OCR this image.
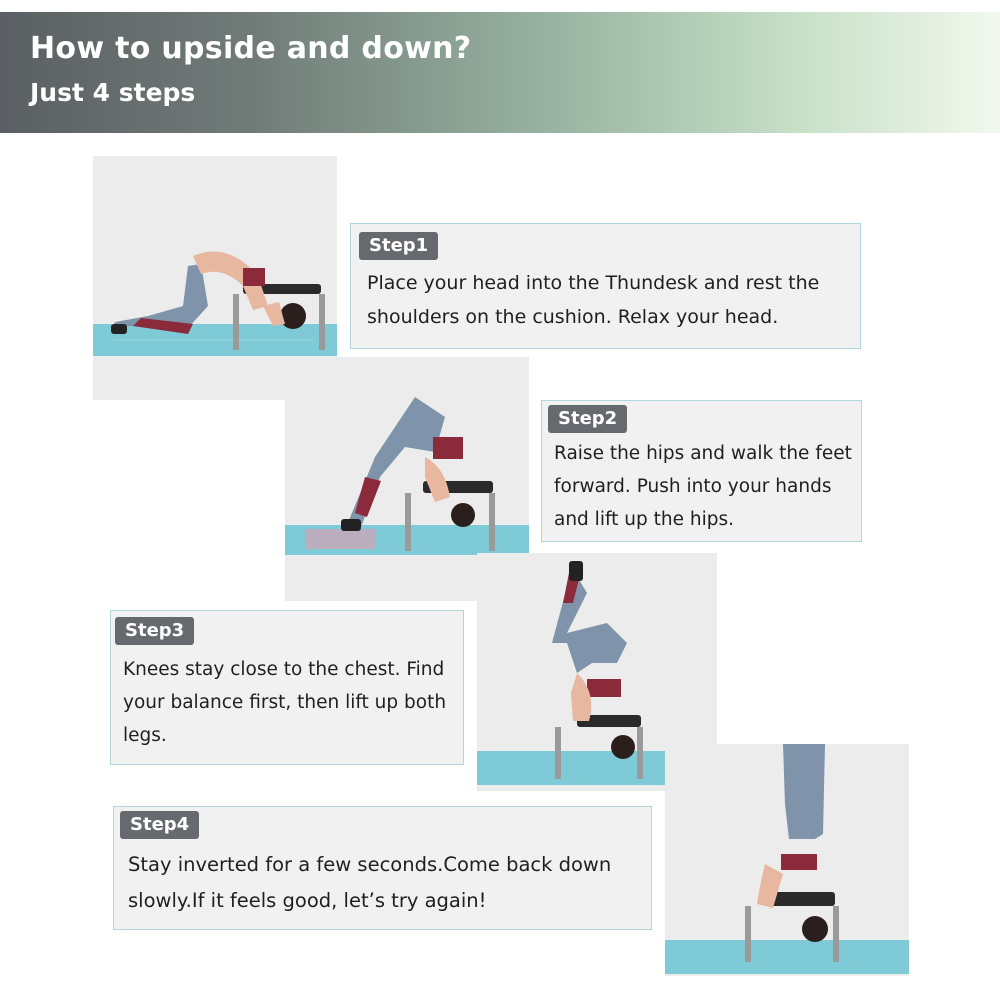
How to upside and down?
Just 4 steps
Step1
Place your head into the Thundesk and rest the shoulders on the cushion. Relax your head.
Step2
Raise the hips and walk the feet forward. Push into your hands and lift up the hips.
Step3
Knees stay close to the chest. Find your balance first, then lift up both legs.
Step4
Stay inverted for a few seconds.Come back down slowly.If it feels good, let’s try again!
